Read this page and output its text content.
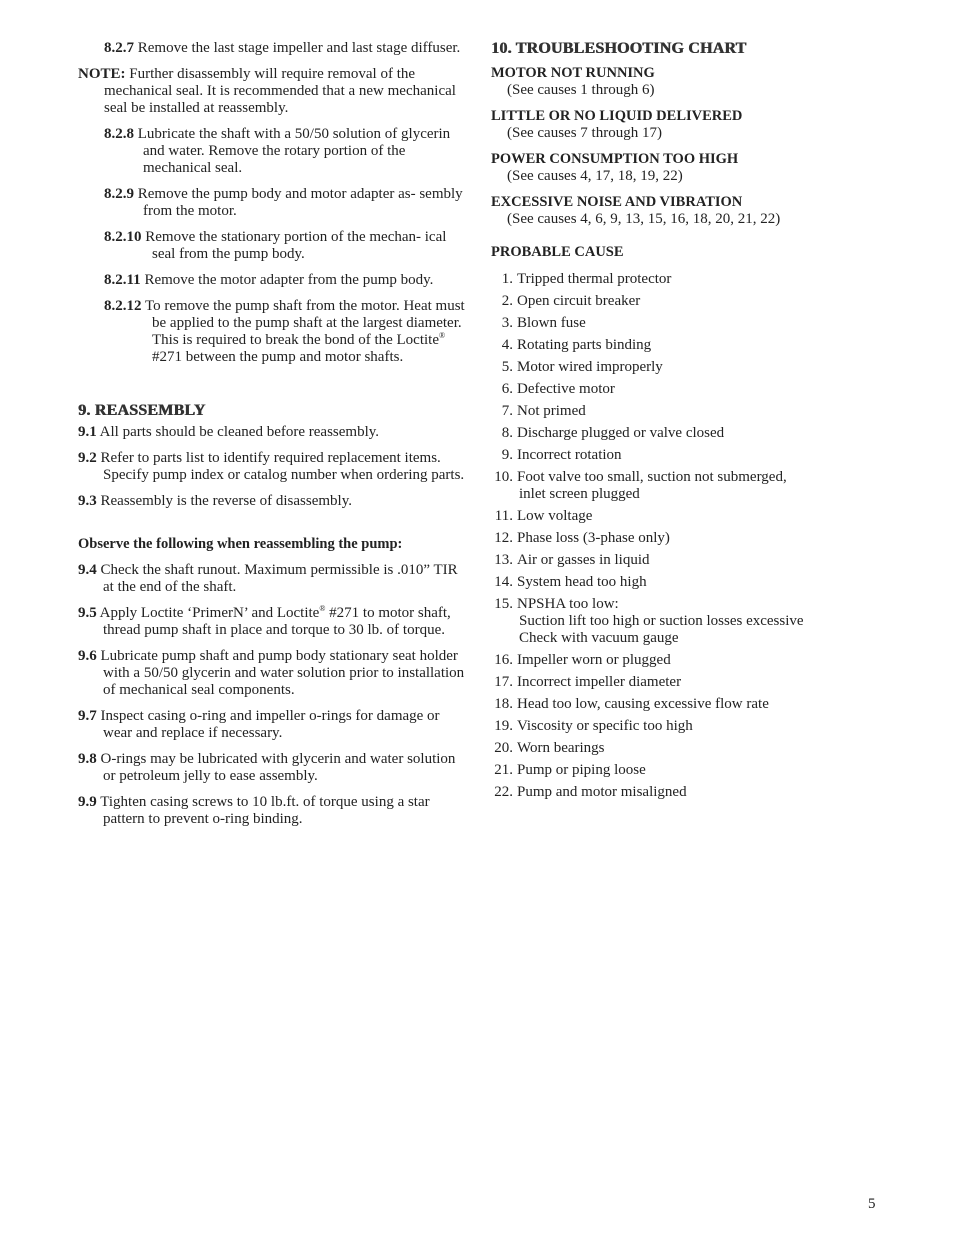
8.2.7 Remove the last stage impeller and last stage diffuser.

NOTE: Further disassembly will require removal of the mechanical seal. It is recommended that a new mechanical seal be installed at reassembly.

8.2.8 Lubricate the shaft with a 50/50 solution of glycerin and water. Remove the rotary portion of the mechanical seal.

8.2.9 Remove the pump body and motor adapter as- sembly from the motor.

8.2.10 Remove the stationary portion of the mechan- ical seal from the pump body.

8.2.11 Remove the motor adapter from the pump body.

8.2.12 To remove the pump shaft from the motor. Heat must be applied to the pump shaft at the largest diameter. This is required to break the bond of the Loctite® #271 between the pump and motor shafts.

9. REASSEMBLY

9.1 All parts should be cleaned before reassembly.

9.2 Refer to parts list to identify required replacement items. Specify pump index or catalog number when ordering parts.

9.3 Reassembly is the reverse of disassembly.

Observe the following when reassembling the pump:

9.4 Check the shaft runout. Maximum permissible is .010” TIR at the end of the shaft.

9.5 Apply Loctite ‘PrimerN’ and Loctite® #271 to motor shaft, thread pump shaft in place and torque to 30 lb. of torque.

9.6 Lubricate pump shaft and pump body stationary seat holder with a 50/50 glycerin and water solution prior to installation of mechanical seal components.

9.7 Inspect casing o-ring and impeller o-rings for damage or wear and replace if necessary.

9.8 O-rings may be lubricated with glycerin and water solution or petroleum jelly to ease assembly.

9.9 Tighten casing screws to 10 lb.ft. of torque using a star pattern to prevent o-ring binding.

10. TROUBLESHOOTING CHART
MOTOR NOT RUNNING
(See causes 1 through 6)
LITTLE OR NO LIQUID DELIVERED
(See causes 7 through 17)
POWER CONSUMPTION TOO HIGH
(See causes 4, 17, 18, 19, 22)
EXCESSIVE NOISE AND VIBRATION
(See causes 4, 6, 9, 13, 15, 16, 18, 20, 21, 22)
PROBABLE CAUSE
1. Tripped thermal protector
2. Open circuit breaker
3. Blown fuse
4. Rotating parts binding
5. Motor wired improperly
6. Defective motor
7. Not primed
8. Discharge plugged or valve closed
9. Incorrect rotation
10. Foot valve too small, suction not submerged,
inlet screen plugged
11. Low voltage
12. Phase loss (3-phase only)
13. Air or gasses in liquid
14. System head too high
15. NPSHA too low:
Suction lift too high or suction losses excessive
Check with vacuum gauge
16. Impeller worn or plugged
17. Incorrect impeller diameter
18. Head too low, causing excessive flow rate
19. Viscosity or specific too high
20. Worn bearings
21. Pump or piping loose
22. Pump and motor misaligned
5
